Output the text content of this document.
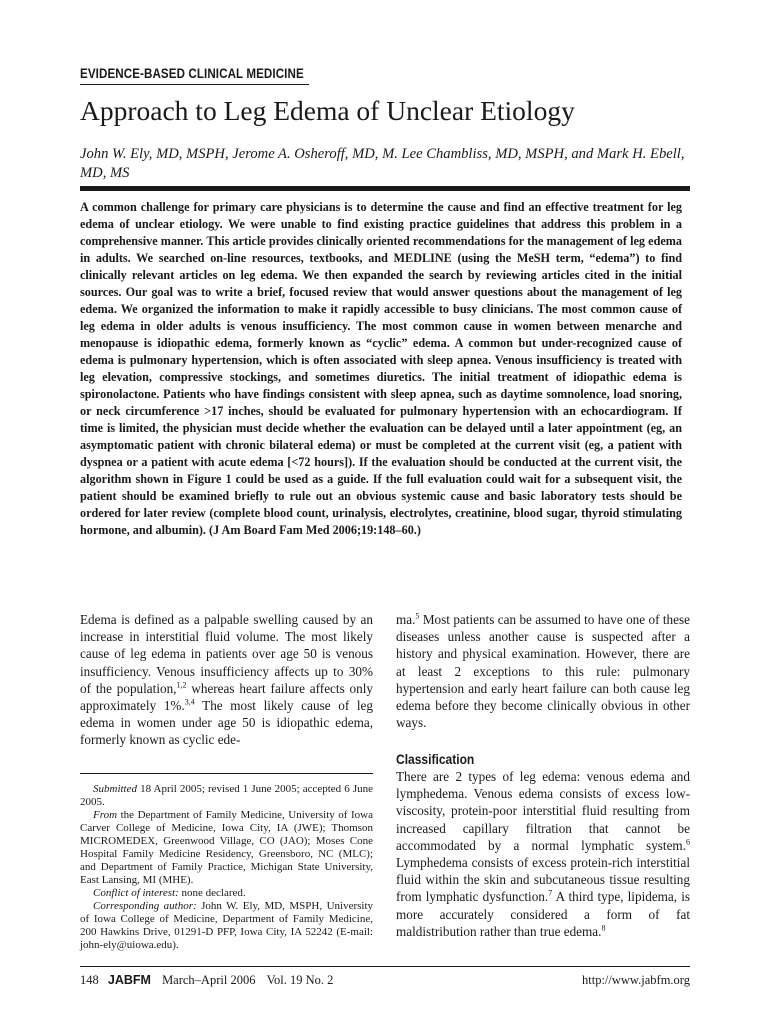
EVIDENCE-BASED CLINICAL MEDICINE
Approach to Leg Edema of Unclear Etiology

John W. Ely, MD, MSPH, Jerome A. Osheroff, MD, M. Lee Chambliss, MD, MSPH, and Mark H. Ebell, MD, MS

A common challenge for primary care physicians is to determine the cause and find an effective treatment for leg edema of unclear etiology. We were unable to find existing practice guidelines that address this problem in a comprehensive manner. This article provides clinically oriented recommendations for the management of leg edema in adults. We searched on-line resources, textbooks, and MEDLINE (using the MeSH term, “edema”) to find clinically relevant articles on leg edema. We then expanded the search by reviewing articles cited in the initial sources. Our goal was to write a brief, focused review that would answer questions about the management of leg edema. We organized the information to make it rapidly accessible to busy clinicians. The most common cause of leg edema in older adults is venous insufficiency. The most common cause in women between menarche and menopause is idiopathic edema, formerly known as “cyclic” edema. A common but under-recognized cause of edema is pulmonary hypertension, which is often associated with sleep apnea. Venous insufficiency is treated with leg elevation, compressive stockings, and sometimes diuretics. The initial treatment of idiopathic edema is spironolactone. Patients who have findings consistent with sleep apnea, such as daytime somnolence, load snoring, or neck circumference >17 inches, should be evaluated for pulmonary hypertension with an echocardiogram. If time is limited, the physician must decide whether the evaluation can be delayed until a later appointment (eg, an asymptomatic patient with chronic bilateral edema) or must be completed at the current visit (eg, a patient with dyspnea or a patient with acute edema [<72 hours]). If the evaluation should be conducted at the current visit, the algorithm shown in Figure 1 could be used as a guide. If the full evaluation could wait for a subsequent visit, the patient should be examined briefly to rule out an obvious systemic cause and basic laboratory tests should be ordered for later review (complete blood count, urinalysis, electrolytes, creatinine, blood sugar, thyroid stimulating hormone, and albumin). (J Am Board Fam Med 2006;19:148–60.)

Edema is defined as a palpable swelling caused by an increase in interstitial fluid volume. The most likely cause of leg edema in patients over age 50 is venous insufficiency. Venous insufficiency affects up to 30% of the population,$^{1,2}$ whereas heart failure affects only approximately 1%.$^{3,4}$ The most likely cause of leg edema in women under age 50 is idiopathic edema, formerly known as cyclic ede-

Submitted 18 April 2005; revised 1 June 2005; accepted 6 June 2005.

From the Department of Family Medicine, University of Iowa Carver College of Medicine, Iowa City, IA (JWE); Thomson MICROMEDEX, Greenwood Village, CO (JAO); Moses Cone Hospital Family Medicine Residency, Greensboro, NC (MLC); and Department of Family Practice, Michigan State University, East Lansing, MI (MHE).

Conflict of interest: none declared.

Corresponding author: John W. Ely, MD, MSPH, University of Iowa College of Medicine, Department of Family Medicine, 200 Hawkins Drive, 01291-D PFP, Iowa City, IA 52242 (E-mail: john-ely@uiowa.edu).

ma.$^5$ Most patients can be assumed to have one of these diseases unless another cause is suspected after a history and physical examination. However, there are at least 2 exceptions to this rule: pulmonary hypertension and early heart failure can both cause leg edema before they become clinically obvious in other ways.

Classification

There are 2 types of leg edema: venous edema and lymphedema. Venous edema consists of excess low-viscosity, protein-poor interstitial fluid resulting from increased capillary filtration that cannot be accommodated by a normal lymphatic system.$^6$ Lymphedema consists of excess protein-rich interstitial fluid within the skin and subcutaneous tissue resulting from lymphatic dysfunction.$^7$ A third type, lipidema, is more accurately considered a form of fat maldistribution rather than true edema.$^8$

148 JABFM March–April 2006 Vol. 19 No. 2	http://www.jabfm.org
